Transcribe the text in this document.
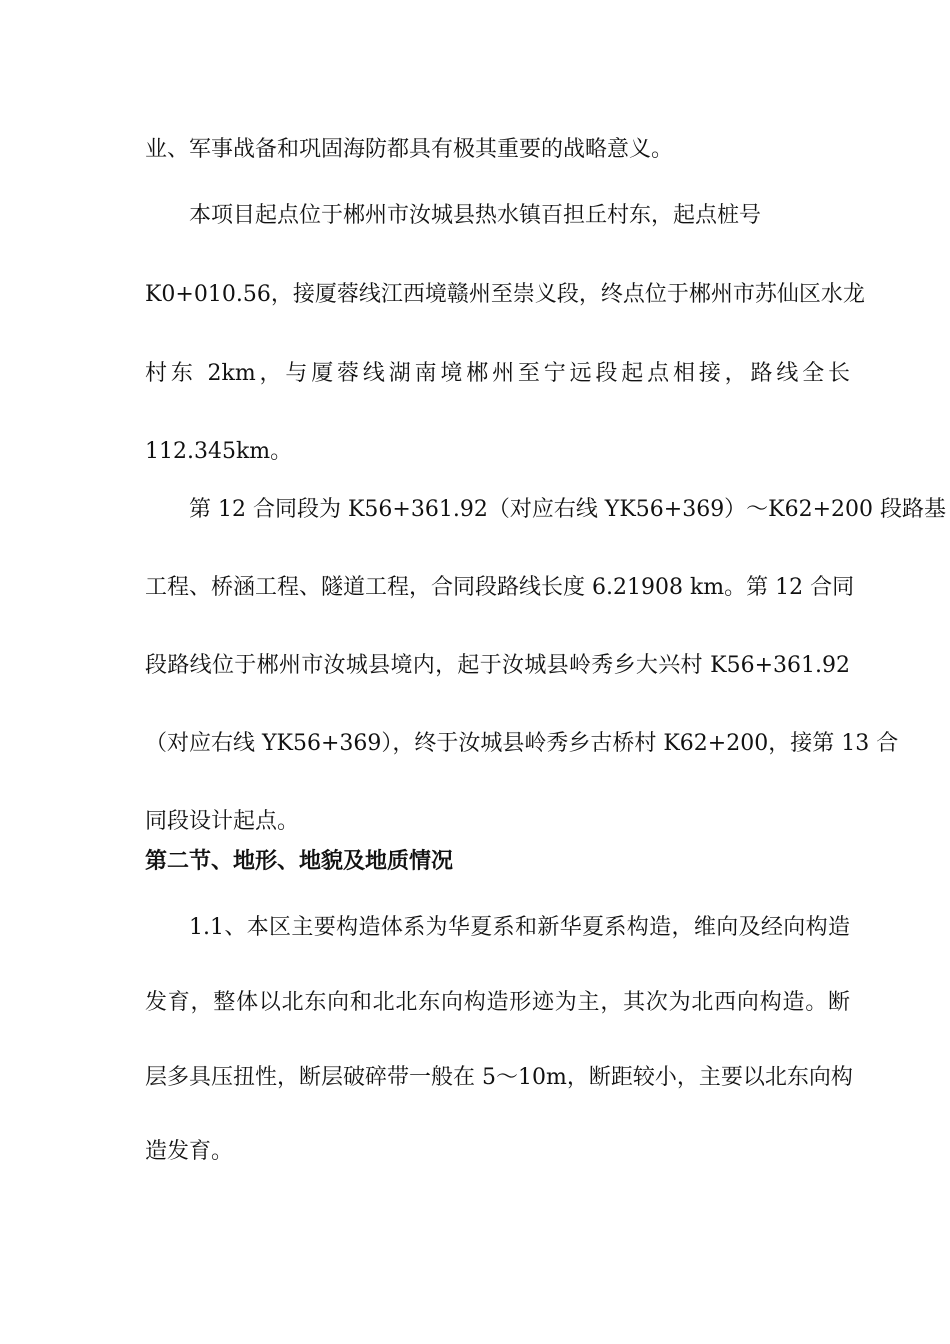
业、军事战备和巩固海防都具有极其重要的战略意义。
本项目起点位于郴州市汝城县热水镇百担丘村东，起点桩号
K0+010.56，接厦蓉线江西境赣州至崇义段，终点位于郴州市苏仙区水龙
村东 2km，与厦蓉线湖南境郴州至宁远段起点相接，路线全长
112.345km。
第 12 合同段为 K56+361.92（对应右线 YK56+369）～K62+200 段路基
工程、桥涵工程、隧道工程，合同段路线长度 6.21908 km。第 12 合同
段路线位于郴州市汝城县境内，起于汝城县岭秀乡大兴村 K56+361.92
（对应右线 YK56+369），终于汝城县岭秀乡古桥村 K62+200，接第 13 合
同段设计起点。
第二节、地形、地貌及地质情况
1.1、本区主要构造体系为华夏系和新华夏系构造，维向及经向构造
发育，整体以北东向和北北东向构造形迹为主，其次为北西向构造。断
层多具压扭性，断层破碎带一般在 5～10m，断距较小，主要以北东向构
造发育。
